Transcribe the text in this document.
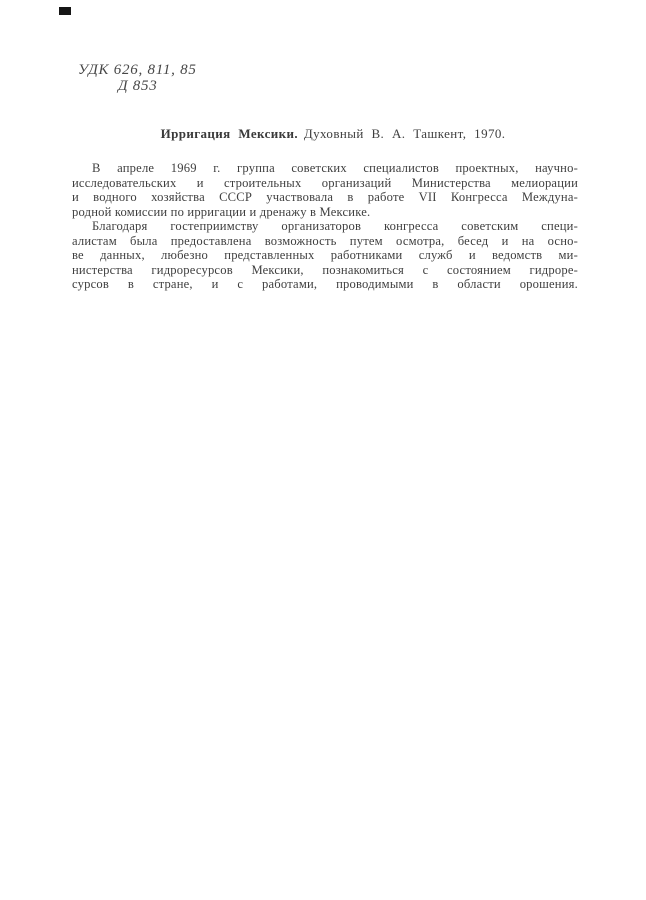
УДК 626, 811, 85
Д 853
Ирригация Мексики. Духовный В. А. Ташкент, 1970.
В апреле 1969 г. группа советских специалистов проектных, научно-
исследовательских и строительных организаций Министерства мелиорации
и водного хозяйства СССР участвовала в работе VII Конгресса Междуна-
родной комиссии по ирригации и дренажу в Мексике.
Благодаря гостеприимству организаторов конгресса советским специ-
алистам была предоставлена возможность путем осмотра, бесед и на осно-
ве данных, любезно представленных работниками служб и ведомств ми-
нистерства гидроресурсов Мексики, познакомиться с состоянием гидроре-
сурсов в стране, и с работами, проводимыми в области орошения.
